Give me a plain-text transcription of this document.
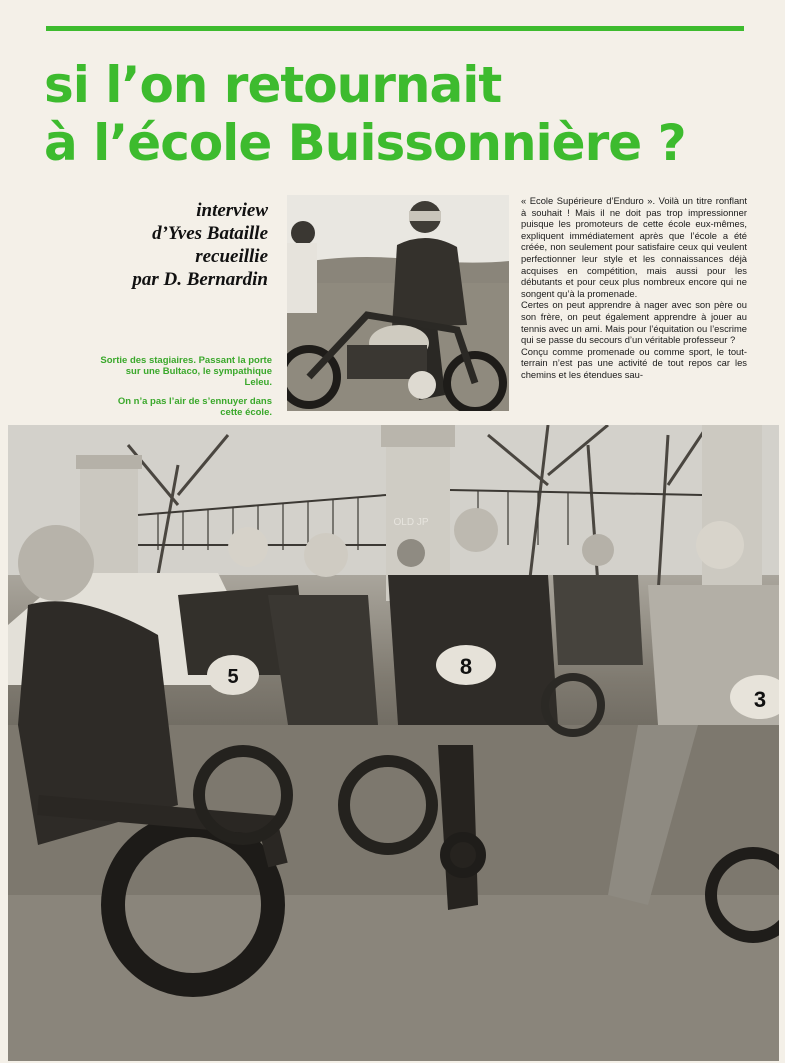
si l’on retournait
à l’école Buissonnière ?
interview
d’Yves Bataille
recueillie
par D. Bernardin
Sortie des stagiaires. Passant la porte sur une Bultaco, le sympathique Leleu.
On n’a pas l’air de s’ennuyer dans cette école.

« Ecole Supérieure d’Enduro ». Voilà un titre ronflant à souhait ! Mais il ne doit pas trop impressionner puisque les promoteurs de cette école eux-mêmes, expliquent immédiatement après que l’école a été créée, non seulement pour satisfaire ceux qui veulent perfectionner leur style et les connaissances déjà acquises en compétition, mais aussi pour les débutants et pour ceux plus nombreux encore qui ne songent qu’à la promenade.

Certes on peut apprendre à nager avec son père ou son frère, on peut également apprendre à jouer au tennis avec un ami. Mais pour l’équitation ou l’escrime qui se passe du secours d’un véritable professeur ?

Conçu comme promenade ou comme sport, le tout-terrain n’est pas une activité de tout repos car les chemins et les étendues sau-

5	8
3
OLD JP
